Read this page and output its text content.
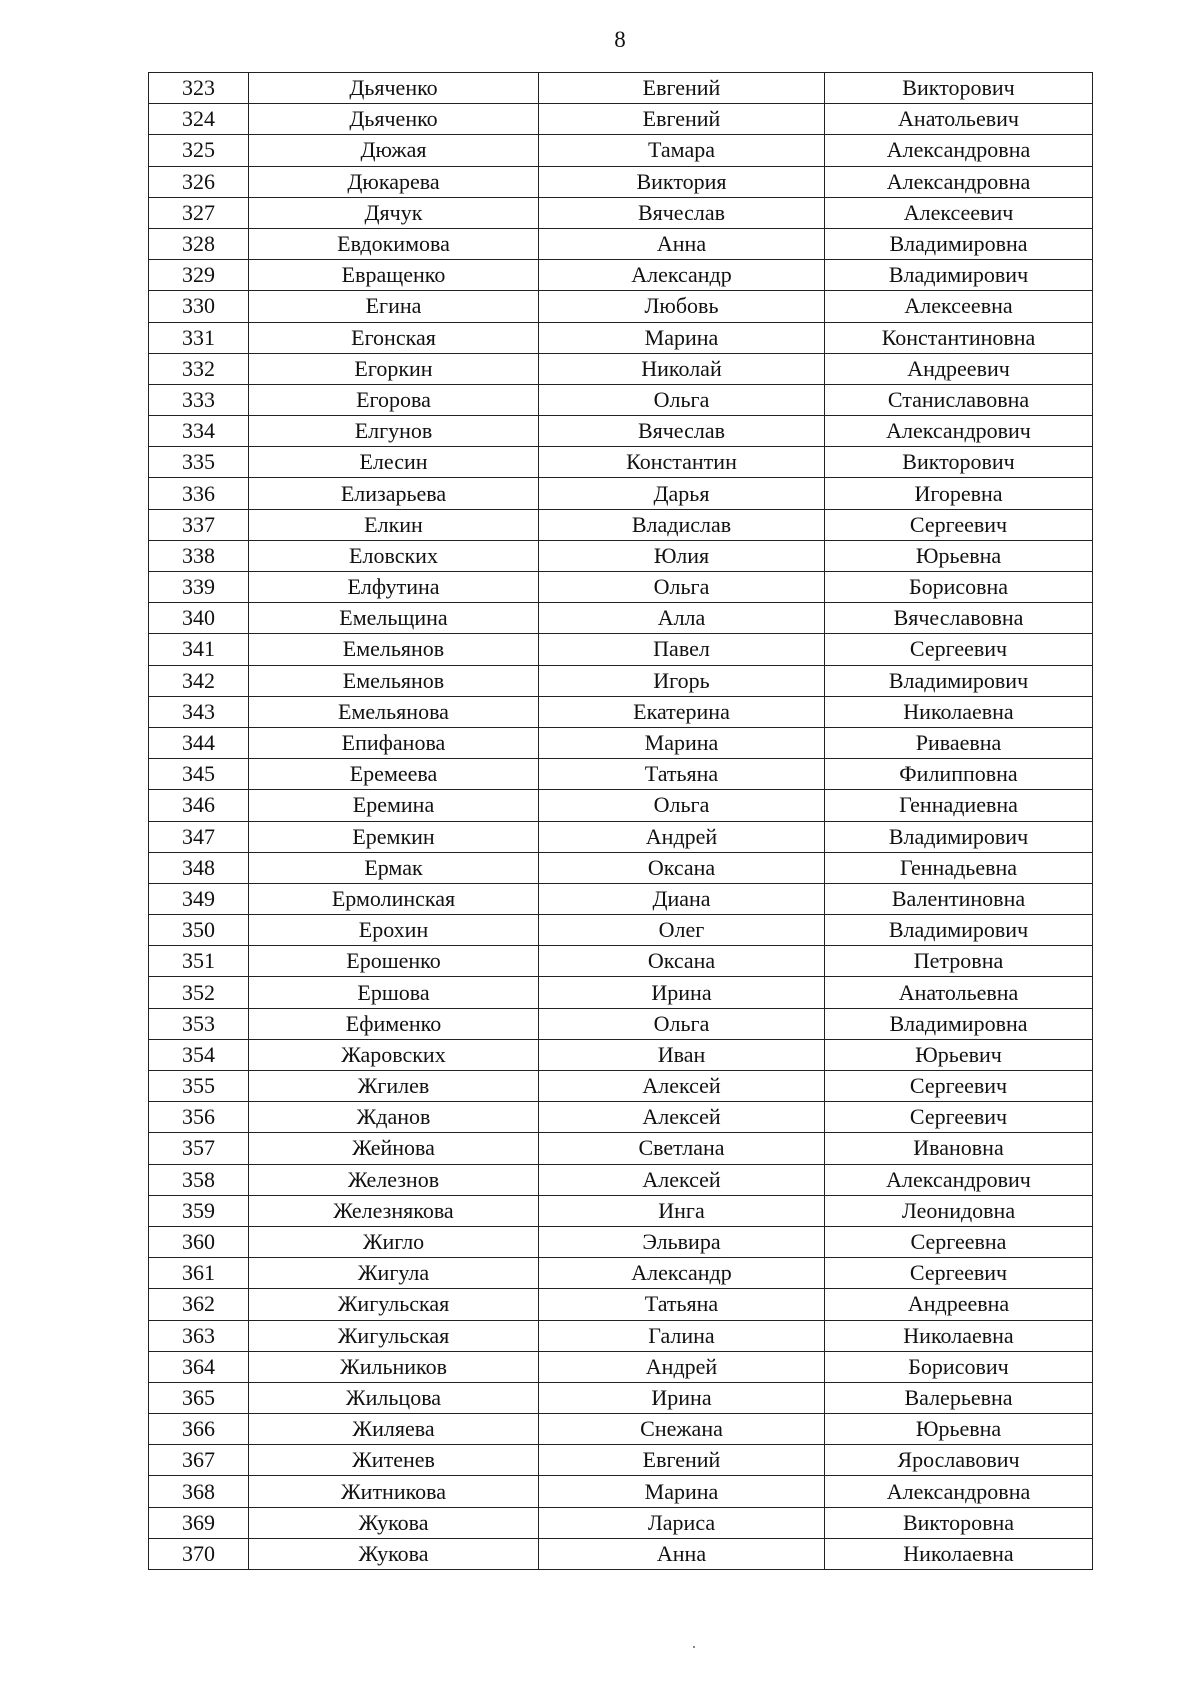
8
323	Дьяченко	Евгений	Викторович
324	Дьяченко	Евгений	Анатольевич
325	Дюжая	Тамара	Александровна
326	Дюкарева	Виктория	Александровна
327	Дячук	Вячеслав	Алексеевич
328	Евдокимова	Анна	Владимировна
329	Евращенко	Александр	Владимирович
330	Егина	Любовь	Алексеевна
331	Егонская	Марина	Константиновна
332	Егоркин	Николай	Андреевич
333	Егорова	Ольга	Станиславовна
334	Елгунов	Вячеслав	Александрович
335	Елесин	Константин	Викторович
336	Елизарьева	Дарья	Игоревна
337	Елкин	Владислав	Сергеевич
338	Еловских	Юлия	Юрьевна
339	Елфутина	Ольга	Борисовна
340	Емельщина	Алла	Вячеславовна
341	Емельянов	Павел	Сергеевич
342	Емельянов	Игорь	Владимирович
343	Емельянова	Екатерина	Николаевна
344	Епифанова	Марина	Риваевна
345	Еремеева	Татьяна	Филипповна
346	Еремина	Ольга	Геннадиевна
347	Еремкин	Андрей	Владимирович
348	Ермак	Оксана	Геннадьевна
349	Ермолинская	Диана	Валентиновна
350	Ерохин	Олег	Владимирович
351	Ерошенко	Оксана	Петровна
352	Ершова	Ирина	Анатольевна
353	Ефименко	Ольга	Владимировна
354	Жаровских	Иван	Юрьевич
355	Жгилев	Алексей	Сергеевич
356	Жданов	Алексей	Сергеевич
357	Жейнова	Светлана	Ивановна
358	Железнов	Алексей	Александрович
359	Железнякова	Инга	Леонидовна
360	Жигло	Эльвира	Сергеевна
361	Жигула	Александр	Сергеевич
362	Жигульская	Татьяна	Андреевна
363	Жигульская	Галина	Николаевна
364	Жильников	Андрей	Борисович
365	Жильцова	Ирина	Валерьевна
366	Жиляева	Снежана	Юрьевна
367	Житенев	Евгений	Ярославович
368	Житникова	Марина	Александровна
369	Жукова	Лариса	Викторовна
370	Жукова	Анна	Николаевна
